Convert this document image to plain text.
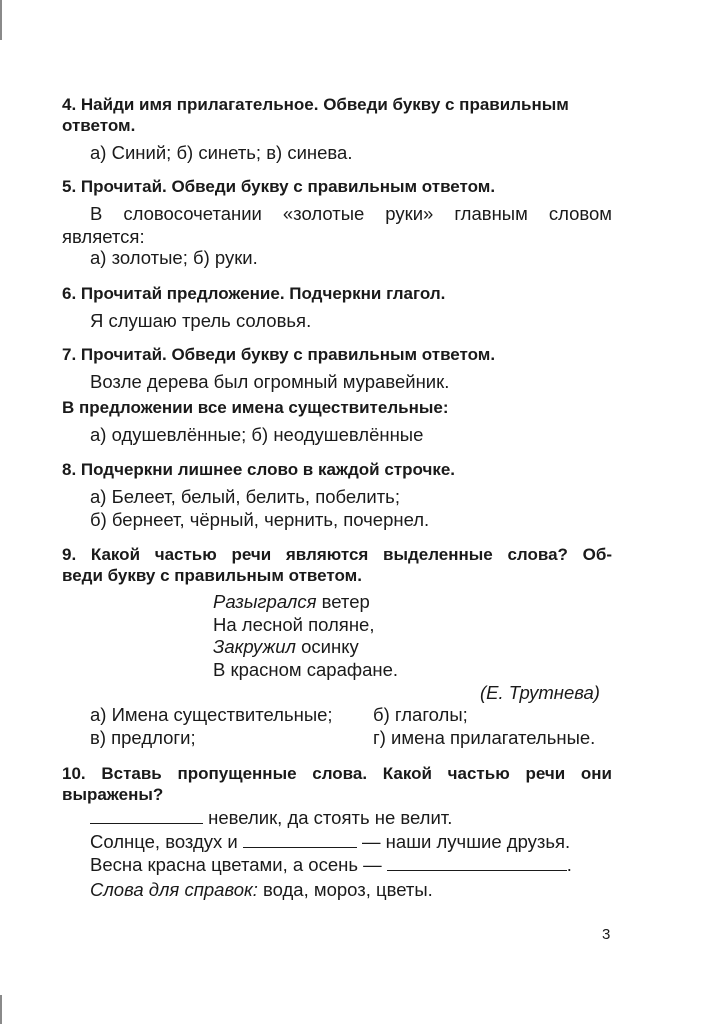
4. Найди имя прилагательное. Обведи букву с правильным
ответом.
а) Синий; б) синеть; в) синева.
5. Прочитай. Обведи букву с правильным ответом.
В словосочетании «золотые руки» главным словом
является:
а) золотые; б) руки.
6. Прочитай предложение. Подчеркни глагол.
Я слушаю трель соловья.
7. Прочитай. Обведи букву с правильным ответом.
Возле дерева был огромный муравейник.
В предложении все имена существительные:
а) одушевлённые; б) неодушевлённые
8. Подчеркни лишнее слово в каждой строчке.
а) Белеет, белый, белить, побелить;
б) бернеет, чёрный, чернить, почернел.
9. Какой частью речи являются выделенные слова? Об-
веди букву с правильным ответом.
Разыгрался ветер
На лесной поляне,
Закружил осинку
В красном сарафане.
(Е. Трутнева)
а) Имена существительные; б) глаголы;
в) предлоги;	г) имена прилагательные.
10. Вставь пропущенные слова. Какой частью речи они
выражены?
невелик, да стоять не велит.
Солнце, воздух и	— наши лучшие друзья.
Весна красна цветами, а осень —	.
Слова для справок: вода, мороз, цветы.
3
